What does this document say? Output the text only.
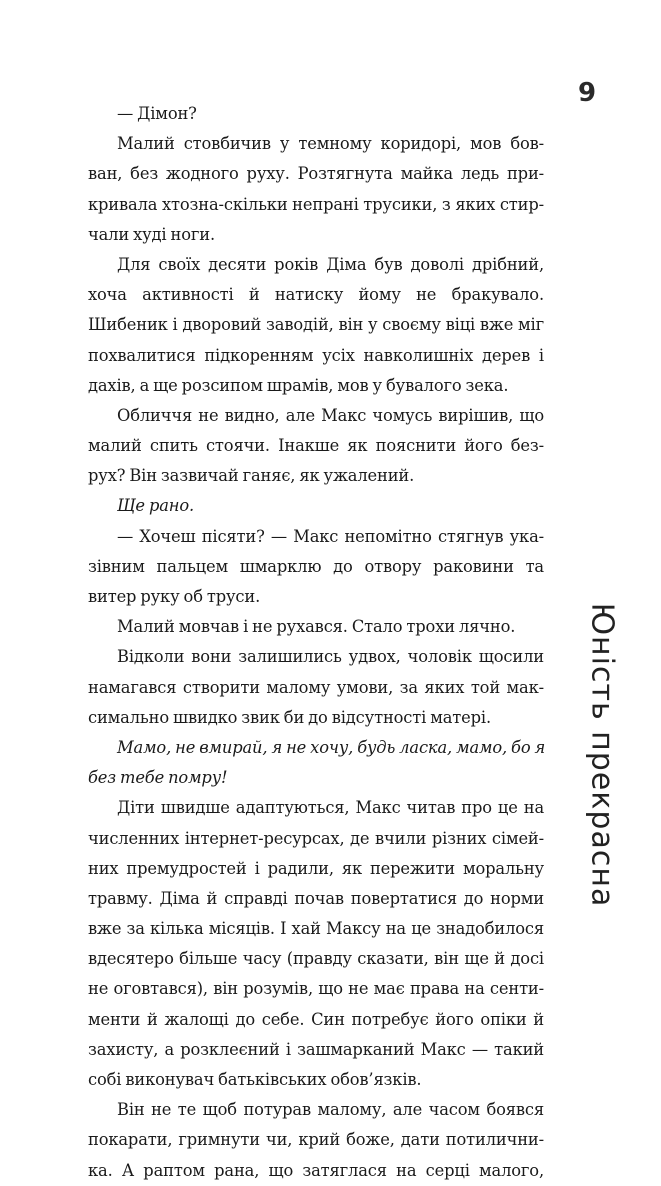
9
Юність прекрасна
— Дімон?
Малий стовбичив у темному коридорі, мов бов-
ван, без жодного руху. Розтягнута майка ледь при-
кривала хтозна-скільки непрані трусики, з яких стир-
чали худі ноги.
Для своїх десяти років Діма був доволі дрібний,
хоча активності й натиску йому не бракувало.
Шибеник і дворовий заводій, він у своєму віці вже міг
похвалитися підкоренням усіх навколишніх дерев і
дахів, а ще розсипом шрамів, мов у бувалого зека.
Обличчя не видно, але Макс чомусь вирішив, що
малий спить стоячи. Інакше як пояснити його без-
рух? Він зазвичай ганяє, як ужалений.
Ще рано.
— Хочеш пісяти? — Макс непомітно стягнув ука-
зівним пальцем шмарклю до отвору раковини та
витер руку об труси.
Малий мовчав і не рухався. Стало трохи лячно.
Відколи вони залишились удвох, чоловік щосили
намагався створити малому умови, за яких той мак-
симально швидко звик би до відсутності матері.
Мамо, не вмирай, я не хочу, будь ласка, мамо, бо я
без тебе помру!
Діти швидше адаптуються, Макс читав про це на
численних інтернет-ресурсах, де вчили різних сімей-
них премудростей і радили, як пережити моральну
травму. Діма й справді почав повертатися до норми
вже за кілька місяців. І хай Максу на це знадобилося
вдесятеро більше часу (правду сказати, він ще й досі
не оговтався), він розумів, що не має права на сенти-
менти й жалощі до себе. Син потребує його опіки й
захисту, а розклеєний і зашмарканий Макс — такий
собі виконувач батьківських обов’язків.
Він не те щоб потурав малому, але часом боявся
покарати, гримнути чи, крий боже, дати потилични-
ка. А раптом рана, що затяглася на серці малого,
